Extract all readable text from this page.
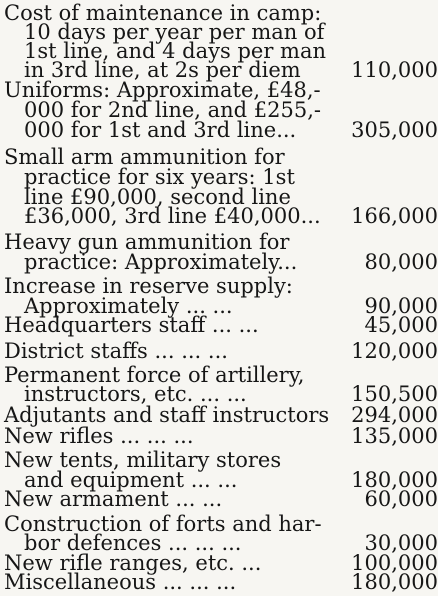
Cost of maintenance in camp:
10 days per year per man of
1st line, and 4 days per man
in 3rd line, at 2s per diem 110,000
Uniforms: Approximate, £48,-
000 for 2nd line, and £255,-
000 for 1st and 3rd line...	305,000
Small arm ammunition for
practice for six years: 1st
line £90,000, second line
£36,000, 3rd line £40,000... 166,000
Heavy gun ammunition for
practice: Approximately...	80,000
Increase in reserve supply:
Approximately ... ...	90,000
Headquarters staff ... ...	45,000
District staffs ... ... ...	120,000
Permanent force of artillery,
instructors, etc. ... ...	150,500
Adjutants and staff instructors 294,000
New rifles ... ... ...	135,000
New tents, military stores
and equipment ... ...	180,000
New armament ... ...	60,000
Construction of forts and har-
bor defences ... ... ...	30,000
New rifle ranges, etc. ...	100,000
Miscellaneous ... ... ...	180,000
